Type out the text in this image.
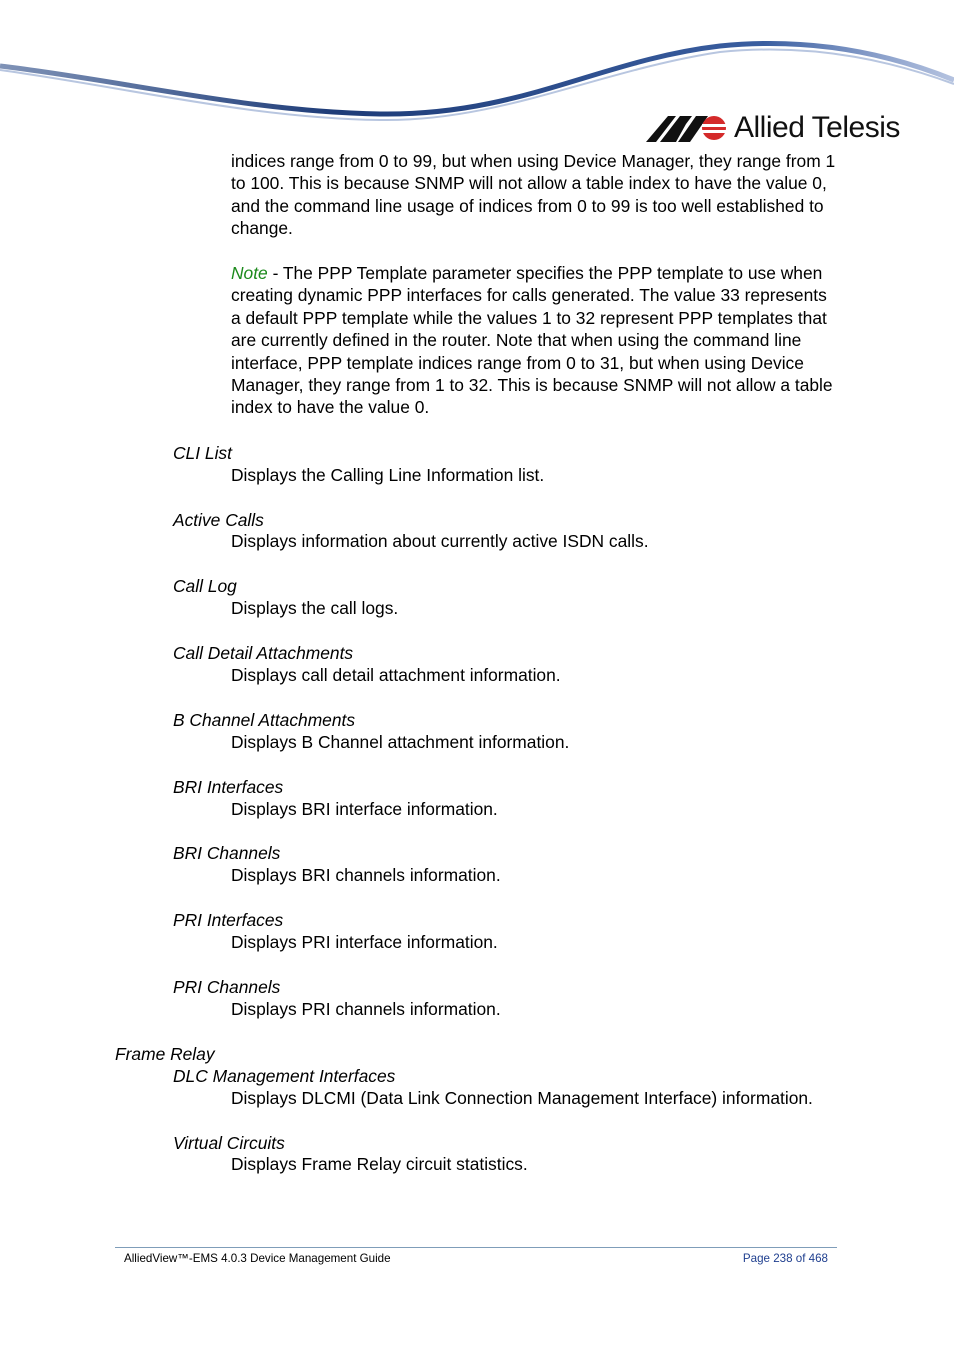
Allied Telesis

indices range from 0 to 99, but when using Device Manager, they range from 1 to 100. This is because SNMP will not allow a table index to have the value 0, and the command line usage of indices from 0 to 99 is too well established to change.

Note - The PPP Template parameter specifies the PPP template to use when creating dynamic PPP interfaces for calls generated. The value 33 represents a default PPP template while the values 1 to 32 represent PPP templates that are currently defined in the router. Note that when using the command line interface, PPP template indices range from 0 to 31, but when using Device Manager, they range from 1 to 32. This is because SNMP will not allow a table index to have the value 0.

CLI List
Displays the Calling Line Information list.
Active Calls
Displays information about currently active ISDN calls.
Call Log
Displays the call logs.
Call Detail Attachments
Displays call detail attachment information.
B Channel Attachments
Displays B Channel attachment information.
BRI Interfaces
Displays BRI interface information.
BRI Channels
Displays BRI channels information.
PRI Interfaces
Displays PRI interface information.
PRI Channels
Displays PRI channels information.
Frame Relay
DLC Management Interfaces
Displays DLCMI (Data Link Connection Management Interface) information.
Virtual Circuits
Displays Frame Relay circuit statistics.
AlliedView™-EMS 4.0.3 Device Management Guide	Page 238 of 468
